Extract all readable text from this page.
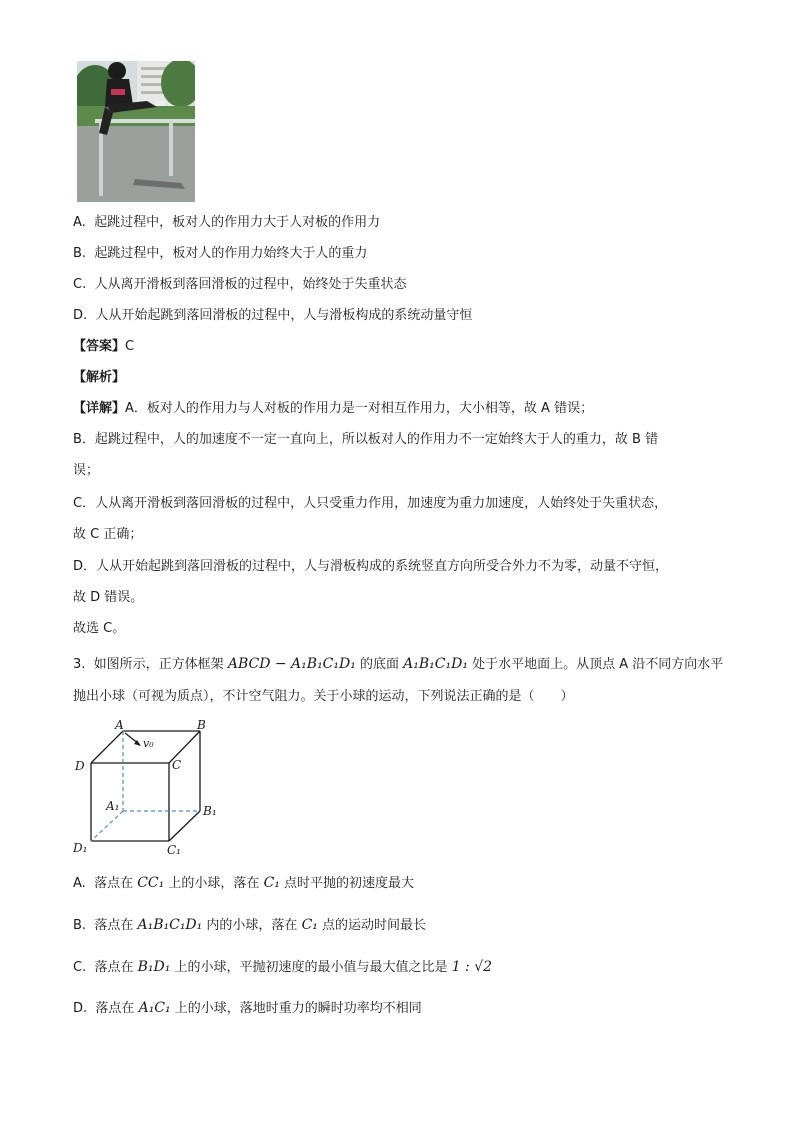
A. 起跳过程中，板对人的作用力大于人对板的作用力
B. 起跳过程中，板对人的作用力始终大于人的重力
C. 人从离开滑板到落回滑板的过程中，始终处于失重状态
D. 人从开始起跳到落回滑板的过程中，人与滑板构成的系统动量守恒
【答案】C
【解析】
【详解】A．板对人的作用力与人对板的作用力是一对相互作用力，大小相等，故 A 错误；
B．起跳过程中，人的加速度不一定一直向上，所以板对人的作用力不一定始终大于人的重力，故 B 错
误；
C．人从离开滑板到落回滑板的过程中，人只受重力作用，加速度为重力加速度，人始终处于失重状态，
故 C 正确；
D．人从开始起跳到落回滑板的过程中，人与滑板构成的系统竖直方向所受合外力不为零，动量不守恒，
故 D 错误。
故选 C。
3. 如图所示，正方体框架 ABCD − A₁B₁C₁D₁ 的底面 A₁B₁C₁D₁ 处于水平地面上。从顶点 A 沿不同方向水平
抛出小球（可视为质点），不计空气阻力。关于小球的运动，下列说法正确的是（　　）
A	B
C
D
A₁	B₁
C₁
D₁
v₀
A. 落点在 CC₁ 上的小球，落在 C₁ 点时平抛的初速度最大
B. 落点在 A₁B₁C₁D₁ 内的小球，落在 C₁ 点的运动时间最长
C. 落点在 B₁D₁ 上的小球，平抛初速度的最小值与最大值之比是 1 : √2
D. 落点在 A₁C₁ 上的小球，落地时重力的瞬时功率均不相同
